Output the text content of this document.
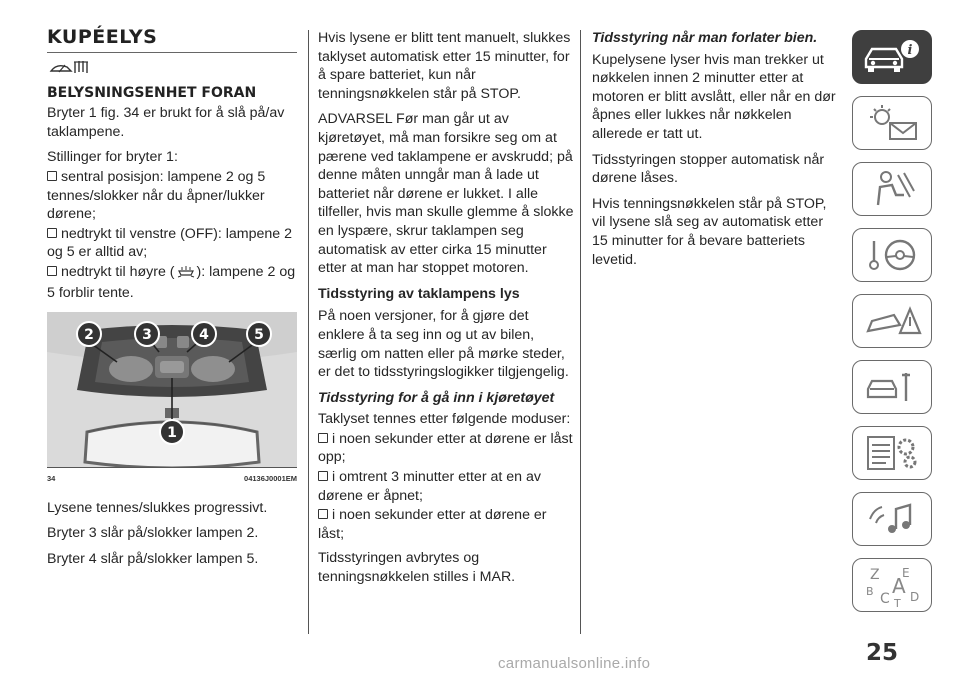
KUPÉELYS
BELYSNINGSENHET FORAN

Bryter 1 fig. 34 er brukt for å slå på/av taklampene.

Stillinger for bryter 1:

sentral posisjon: lampene 2 og 5 tennes/slokker når du åpner/lukker dørene;
nedtrykt til venstre (OFF): lampene 2 og 5 er alltid av;
nedtrykt til høyre ( ): lampene 2 og 5 forblir tente.
2	3	4	5
1
34	04136J0001EM

Lysene tennes/slukkes progressivt.

Bryter 3 slår på/slokker lampen 2.

Bryter 4 slår på/slokker lampen 5.

Hvis lysene er blitt tent manuelt, slukkes taklyset automatisk etter 15 minutter, for å spare batteriet, kun når tenningsnøkkelen står på STOP.

ADVARSEL Før man går ut av kjøretøyet, må man forsikre seg om at pærene ved taklampene er avskrudd; på denne måten unngår man å lade ut batteriet når dørene er lukket. I alle tilfeller, hvis man skulle glemme å slokke en lyspære, skrur taklampen seg automatisk av etter cirka 15 minutter etter at man har stoppet motoren.

Tidsstyring av taklampens lys

På noen versjoner, for å gjøre det enklere å ta seg inn og ut av bilen, særlig om natten eller på mørke steder, er det to tidsstyringslogikker tilgjengelig.

Tidsstyring for å gå inn i kjøretøyet

Taklyset tennes etter følgende moduser:

i noen sekunder etter at dørene er låst opp;
i omtrent 3 minutter etter at en av dørene er åpnet;
i noen sekunder etter at dørene er låst;

Tidsstyringen avbrytes og tenningsnøkkelen stilles i MAR.

Tidsstyring når man forlater bien.

Kupelysene lyser hvis man trekker ut nøkkelen innen 2 minutter etter at motoren er blitt avslått, eller når en dør åpnes eller lukkes når nøkkelen allerede er tatt ut.

Tidsstyringen stopper automatisk når dørene låses.

Hvis tenningsnøkkelen står på STOP, vil lysene slå seg av automatisk etter 15 minutter for å bevare batteriets levetid.

i
Z E
B A
C D
T
25
carmanualsonline.info
